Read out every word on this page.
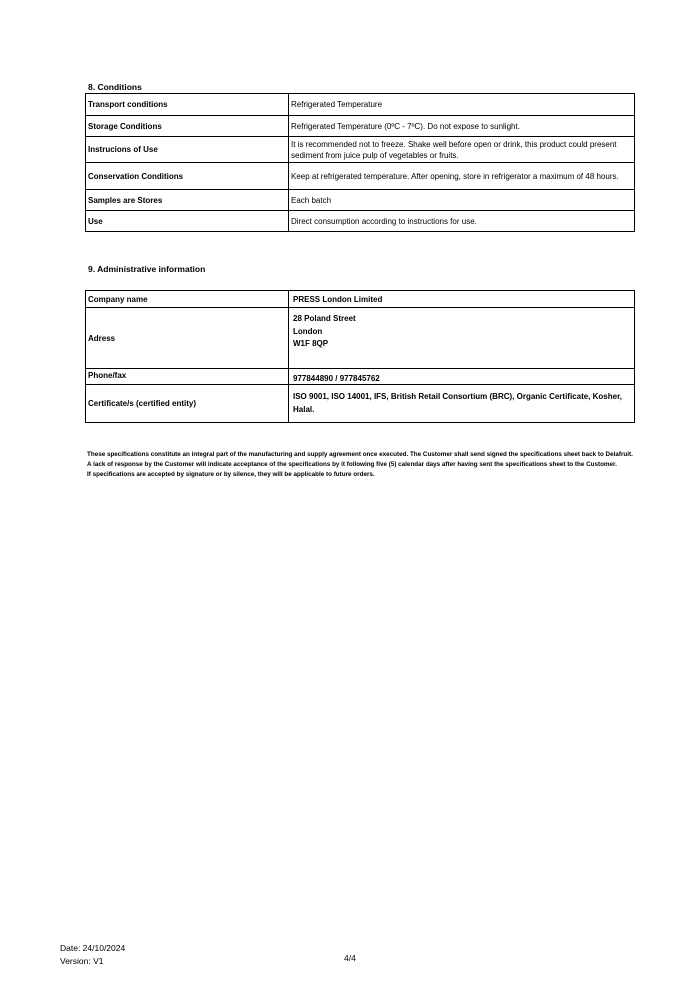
8. Conditions
Transport conditions	Refrigerated Temperature
Storage Conditions	Refrigerated Temperature (0ºC - 7ºC). Do not expose to sunlight.
Instrucions of Use	It is recommended not to freeze. Shake well before open or drink, this product could present sediment from juice pulp of vegetables or fruits.
Conservation Conditions	Keep at refrigerated temperature. After opening, store in refrigerator a maximum of 48 hours.
Samples are Stores	Each batch
Use	Direct consumption according to instructions for use.
9. Administrative information
Company name	PRESS London Limited
Adress	28 Poland Street
London
W1F 8QP

Phone/fax	977844890 / 977845762
Certificate/s (certified entity)	ISO 9001, ISO 14001, IFS, British Retail Consortium (BRC), Organic Certificate, Kosher, Halal.
These specifications constitute an integral part of the manufacturing and supply agreement once executed. The Customer shall send signed the specifications sheet back to Delafruit.
A lack of response by the Customer will indicate acceptance of the specifications by it following five (5) calendar days after having sent the specifications sheet to the Customer.
If specifications are accepted by signature or by silence, they will be applicable to future orders.
Date: 24/10/2024
Version: V1	4/4
